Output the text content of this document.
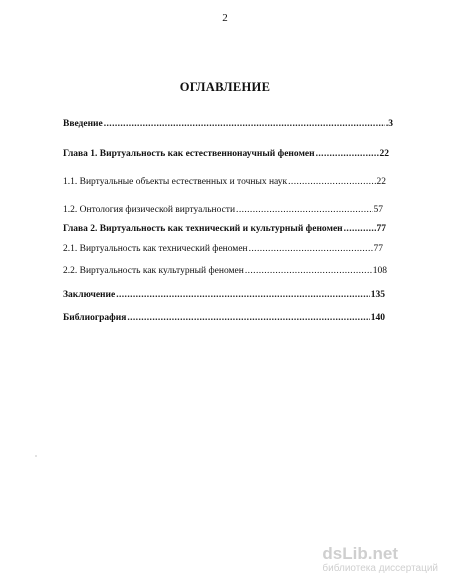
2
ОГЛАВЛЕНИЕ
Введение .....	.3
Глава 1. Виртуальность как естественнонаучный феномен .....	22
1.1. Виртуальные объекты естественных и точных наук .....	22
1.2. Онтология физической виртуальности .....	57
Глава 2. Виртуальность как технический и культурный феномен .....	77
2.1. Виртуальность как технический феномен .....	77
2.2. Виртуальность как культурный феномен .....	108
Заключение .....	135
Библиография .....	140
dsLib.net
библиотека диссертаций
